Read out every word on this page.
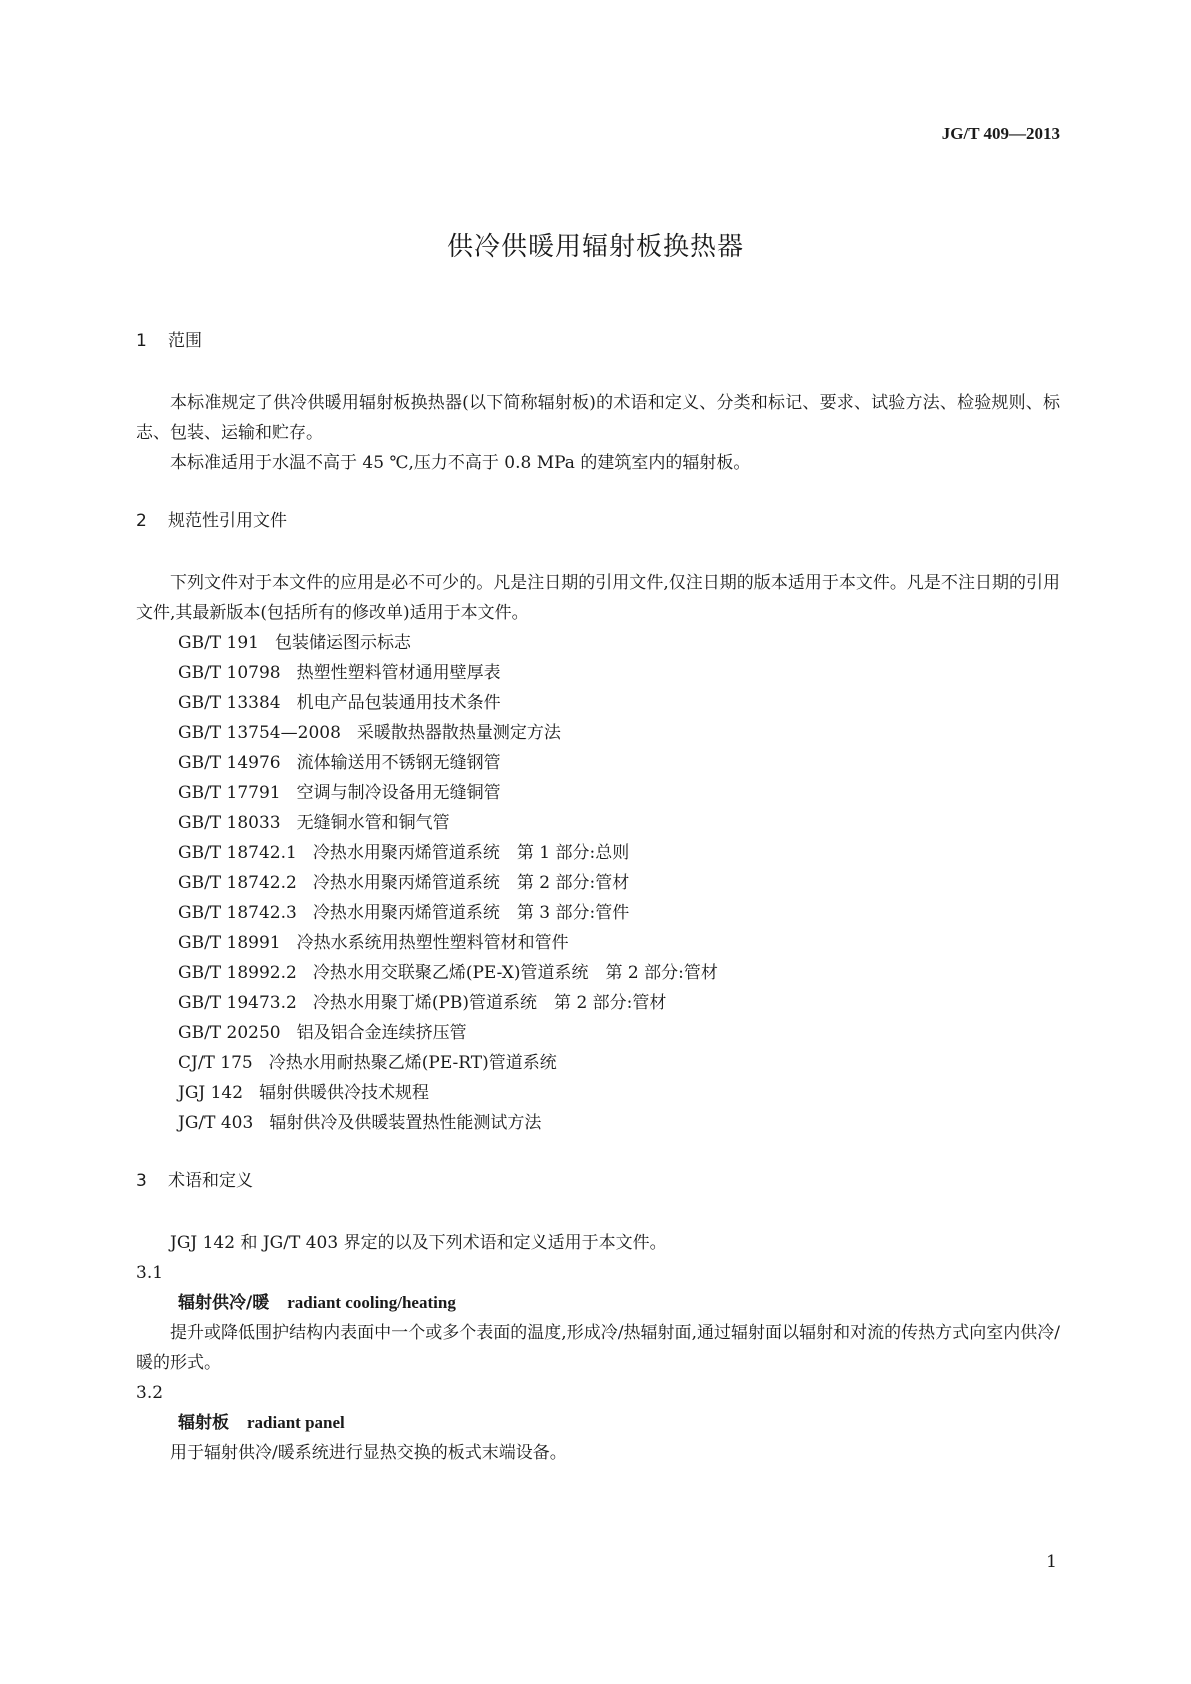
JG/T 409—2013
供冷供暖用辐射板换热器
1 范围

本标准规定了供冷供暖用辐射板换热器(以下简称辐射板)的术语和定义、分类和标记、要求、试验方法、检验规则、标志、包装、运输和贮存。

本标准适用于水温不高于 45 ℃,压力不高于 0.8 MPa 的建筑室内的辐射板。

2 规范性引用文件

下列文件对于本文件的应用是必不可少的。凡是注日期的引用文件,仅注日期的版本适用于本文件。凡是不注日期的引用文件,其最新版本(包括所有的修改单)适用于本文件。

GB/T 191 包装储运图示标志

GB/T 10798 热塑性塑料管材通用壁厚表

GB/T 13384 机电产品包装通用技术条件

GB/T 13754—2008 采暖散热器散热量测定方法

GB/T 14976 流体输送用不锈钢无缝钢管

GB/T 17791 空调与制冷设备用无缝铜管

GB/T 18033 无缝铜水管和铜气管

GB/T 18742.1 冷热水用聚丙烯管道系统　第 1 部分:总则

GB/T 18742.2 冷热水用聚丙烯管道系统　第 2 部分:管材

GB/T 18742.3 冷热水用聚丙烯管道系统　第 3 部分:管件

GB/T 18991 冷热水系统用热塑性塑料管材和管件

GB/T 18992.2 冷热水用交联聚乙烯(PE-X)管道系统　第 2 部分:管材

GB/T 19473.2 冷热水用聚丁烯(PB)管道系统　第 2 部分:管材

GB/T 20250 铝及铝合金连续挤压管

CJ/T 175 冷热水用耐热聚乙烯(PE-RT)管道系统

JGJ 142 辐射供暖供冷技术规程

JG/T 403 辐射供冷及供暖装置热性能测试方法

3 术语和定义

JGJ 142 和 JG/T 403 界定的以及下列术语和定义适用于本文件。

3.1

辐射供冷/暖 radiant cooling/heating

提升或降低围护结构内表面中一个或多个表面的温度,形成冷/热辐射面,通过辐射面以辐射和对流的传热方式向室内供冷/暖的形式。

3.2

辐射板 radiant panel

用于辐射供冷/暖系统进行显热交换的板式末端设备。

1
